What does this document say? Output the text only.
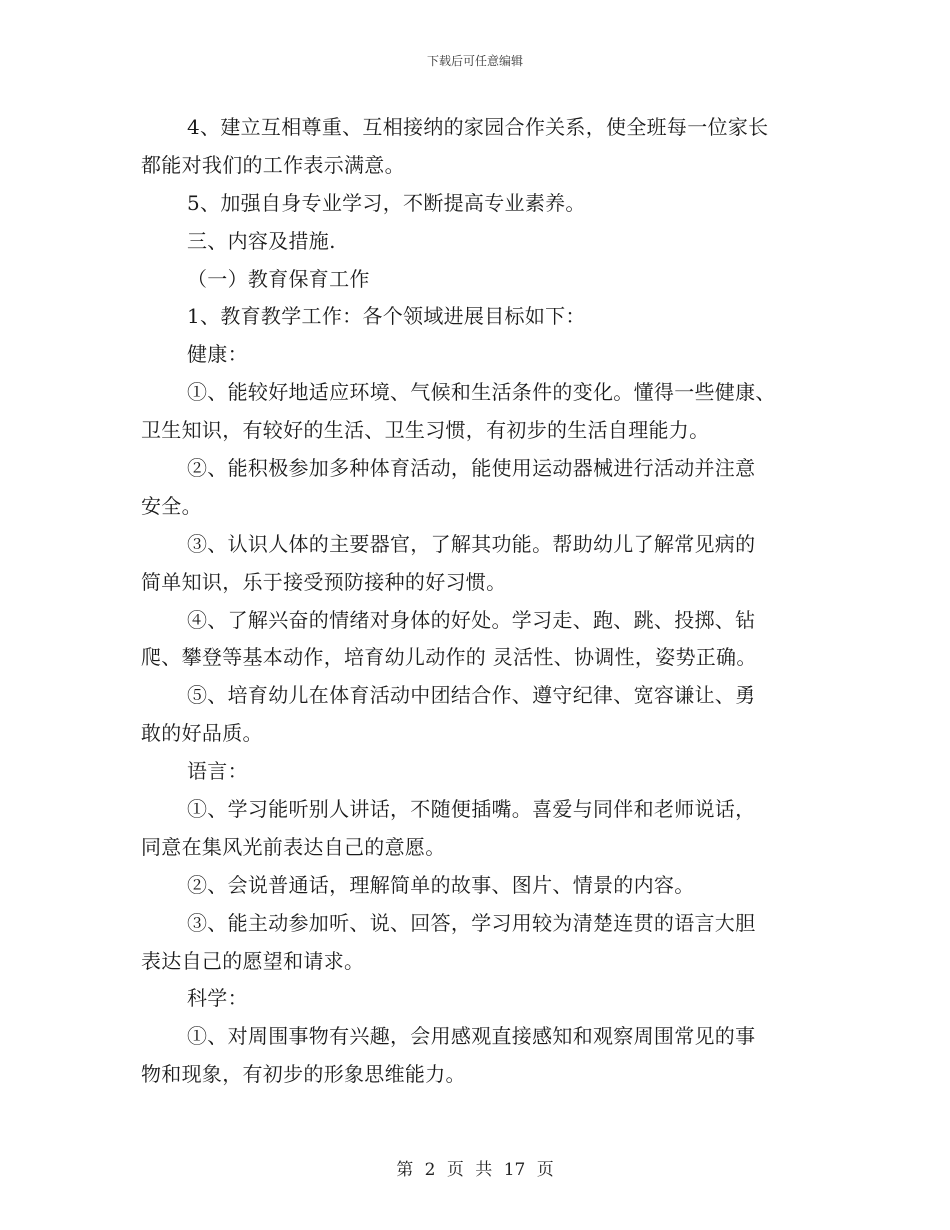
下载后可任意编辑
4、建立互相尊重、互相接纳的家园合作关系，使全班每一位家长
都能对我们的工作表示满意。
5、加强自身专业学习，不断提高专业素养。
三、内容及措施.
（一）教育保育工作
1、教育教学工作：各个领域进展目标如下：
健康：
①、能较好地适应环境、气候和生活条件的变化。懂得一些健康、
卫生知识，有较好的生活、卫生习惯，有初步的生活自理能力。
②、能积极参加多种体育活动，能使用运动器械进行活动并注意
安全。
③、认识人体的主要器官，了解其功能。帮助幼儿了解常见病的
简单知识，乐于接受预防接种的好习惯。
④、了解兴奋的情绪对身体的好处。学习走、跑、跳、投掷、钻
爬、攀登等基本动作，培育幼儿动作的 灵活性、协调性，姿势正确。
⑤、培育幼儿在体育活动中团结合作、遵守纪律、宽容谦让、勇
敢的好品质。
语言：
①、学习能听别人讲话，不随便插嘴。喜爱与同伴和老师说话，
同意在集风光前表达自己的意愿。
②、会说普通话，理解简单的故事、图片、情景的内容。
③、能主动参加听、说、回答，学习用较为清楚连贯的语言大胆
表达自己的愿望和请求。
科学：
①、对周围事物有兴趣，会用感观直接感知和观察周围常见的事
物和现象，有初步的形象思维能力。
第 2 页 共 17 页
